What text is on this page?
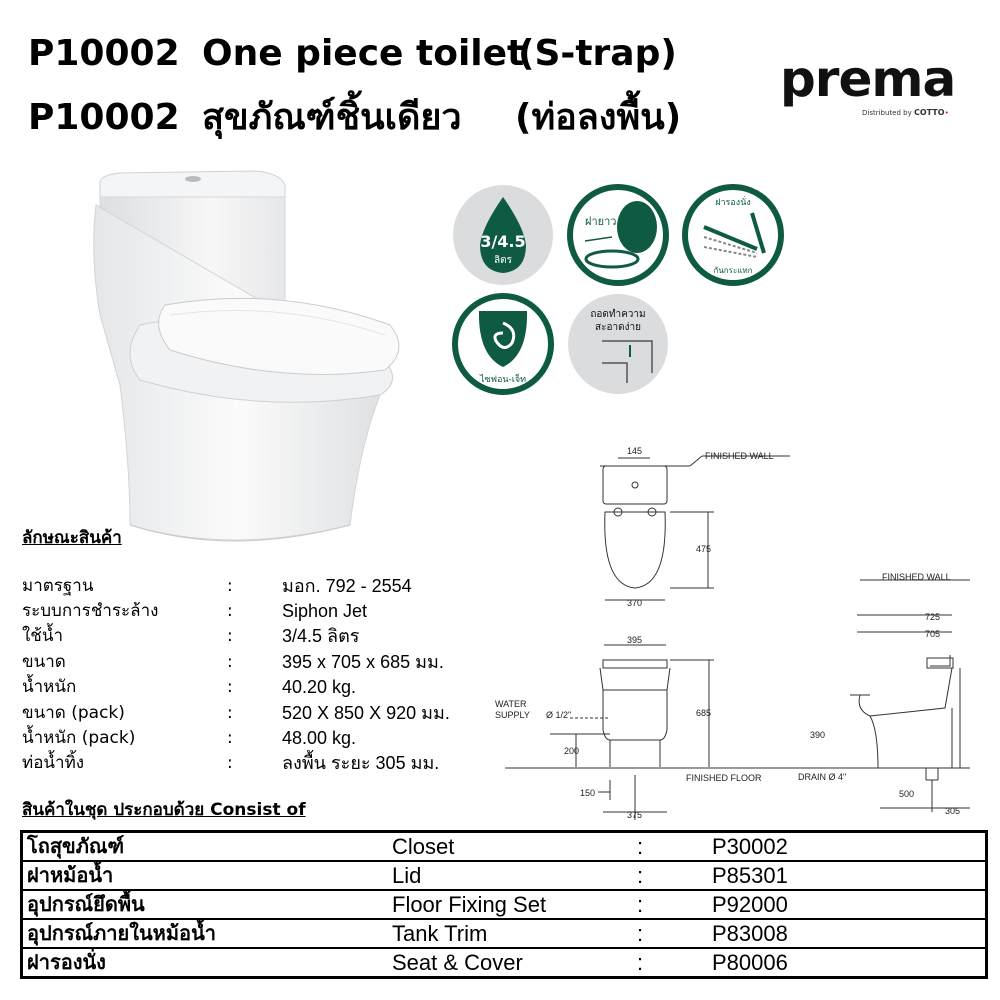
P10002 One piece toilet
(S-trap)
P10002 สุขภัณฑ์ชิ้นเดียว (ท่อลงพื้น)
prema
Distributed by COTTO•
3/4.5
ลิตร
ฝายาว
ฝารองนั่ง
กันกระแทก
ไซฟอน-เจ็ท
ถอดทำความ
สะอาดง่าย
ลักษณะสินค้า
มาตรฐาน	:	มอก. 792 - 2554
ระบบการชำระล้าง	:	Siphon Jet
ใช้น้ำ	:	3/4.5 ลิตร
ขนาด	:	395 x 705 x 685 มม.
น้ำหนัก	:	40.20 kg.
ขนาด (pack)	:	520 X 850 X 920 มม.
น้ำหนัก (pack)	:	48.00 kg.
ท่อน้ำทิ้ง	:	ลงพื้น ระยะ 305 มม.
FINISHED WALL
145
475
370
395
685
WATER
SUPPLY Ø 1/2"
200
150
375
FINISHED FLOOR
FINISHED WALL
725
705
390
DRAIN Ø 4"
500
305
สินค้าในชุด ประกอบด้วย Consist of
โถสุขภัณฑ์	Closet	:	P30002
ฝาหม้อน้ำ	Lid	:	P85301
อุปกรณ์ยึดพื้น	Floor Fixing Set	:	P92000
อุปกรณ์ภายในหม้อน้ำ	Tank Trim	:	P83008
ฝารองนั่ง	Seat & Cover	:	P80006
